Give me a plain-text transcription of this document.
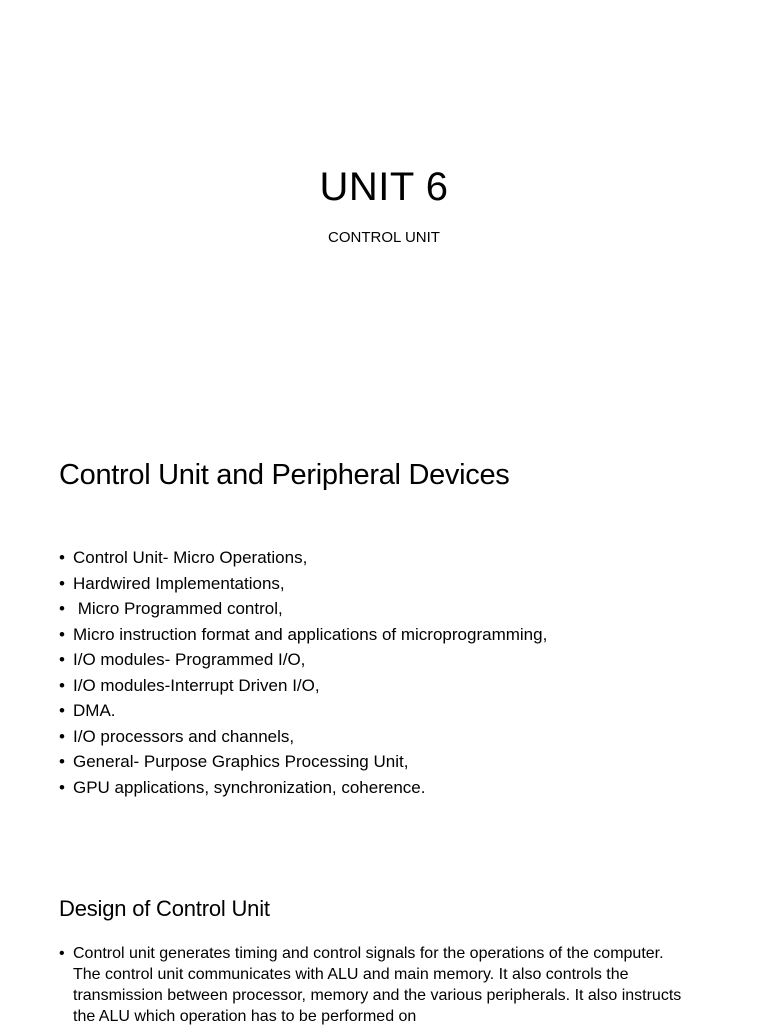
UNIT 6
CONTROL UNIT
Control Unit and Peripheral Devices
• Control Unit- Micro Operations,
• Hardwired Implementations,
• Micro Programmed control,
• Micro instruction format and applications of microprogramming,
• I/O modules- Programmed I/O,
• I/O modules-Interrupt Driven I/O,
• DMA.
• I/O processors and channels,
• General- Purpose Graphics Processing Unit,
• GPU applications, synchronization, coherence.
Design of Control Unit
• Control unit generates timing and control signals for the operations of the computer. The control unit communicates with ALU and main memory. It also controls the transmission between processor, memory and the various peripherals. It also instructs the ALU which operation has to be performed on
